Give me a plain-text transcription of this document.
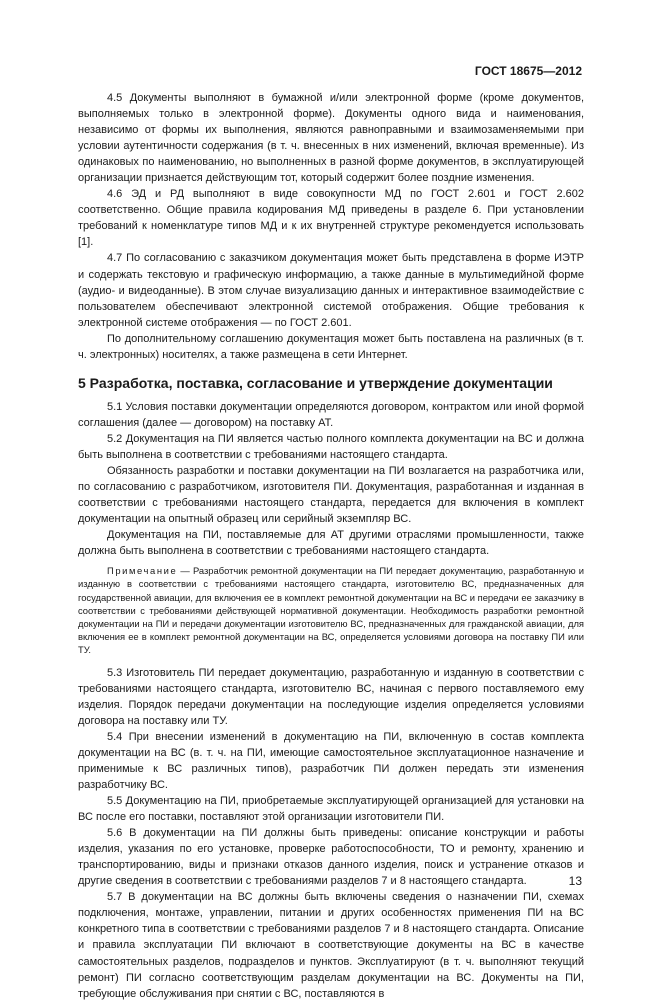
ГОСТ 18675—2012

4.5 Документы выполняют в бумажной и/или электронной форме (кроме документов, выполняемых только в электронной форме). Документы одного вида и наименования, независимо от формы их выполнения, являются равноправными и взаимозаменяемыми при условии аутентичности содержания (в т. ч. внесенных в них изменений, включая временные). Из одинаковых по наименованию, но выполненных в разной форме документов, в эксплуатирующей организации признается действующим тот, который содержит более поздние изменения.

4.6 ЭД и РД выполняют в виде совокупности МД по ГОСТ 2.601 и ГОСТ 2.602 соответственно. Общие правила кодирования МД приведены в разделе 6. При установлении требований к номенклатуре типов МД и к их внутренней структуре рекомендуется использовать [1].

4.7 По согласованию с заказчиком документация может быть представлена в форме ИЭТР и содержать текстовую и графическую информацию, а также данные в мультимедийной форме (аудио- и видеоданные). В этом случае визуализацию данных и интерактивное взаимодействие с пользователем обеспечивают электронной системой отображения. Общие требования к электронной системе отображения — по ГОСТ 2.601.

По дополнительному соглашению документация может быть поставлена на различных (в т. ч. электронных) носителях, а также размещена в сети Интернет.

5 Разработка, поставка, согласование и утверждение документации

5.1 Условия поставки документации определяются договором, контрактом или иной формой соглашения (далее — договором) на поставку АТ.

5.2 Документация на ПИ является частью полного комплекта документации на ВС и должна быть выполнена в соответствии с требованиями настоящего стандарта.

Обязанность разработки и поставки документации на ПИ возлагается на разработчика или, по согласованию с разработчиком, изготовителя ПИ. Документация, разработанная и изданная в соответствии с требованиями настоящего стандарта, передается для включения в комплект документации на опытный образец или серийный экземпляр ВС.

Документация на ПИ, поставляемые для АТ другими отраслями промышленности, также должна быть выполнена в соответствии с требованиями настоящего стандарта.

Примечание — Разработчик ремонтной документации на ПИ передает документацию, разработанную и изданную в соответствии с требованиями настоящего стандарта, изготовителю ВС, предназначенных для государственной авиации, для включения ее в комплект ремонтной документации на ВС и передачи ее заказчику в соответствии с требованиями действующей нормативной документации. Необходимость разработки ремонтной документации на ПИ и передачи документации изготовителю ВС, предназначенных для гражданской авиации, для включения ее в комплект ремонтной документации на ВС, определяется условиями договора на поставку ПИ или ТУ.

5.3 Изготовитель ПИ передает документацию, разработанную и изданную в соответствии с требованиями настоящего стандарта, изготовителю ВС, начиная с первого поставляемого ему изделия. Порядок передачи документации на последующие изделия определяется условиями договора на поставку или ТУ.

5.4 При внесении изменений в документацию на ПИ, включенную в состав комплекта документации на ВС (в. т. ч. на ПИ, имеющие самостоятельное эксплуатационное назначение и применимые к ВС различных типов), разработчик ПИ должен передать эти изменения разработчику ВС.

5.5 Документацию на ПИ, приобретаемые эксплуатирующей организацией для установки на ВС после его поставки, поставляют этой организации изготовители ПИ.

5.6 В документации на ПИ должны быть приведены: описание конструкции и работы изделия, указания по его установке, проверке работоспособности, ТО и ремонту, хранению и транспортированию, виды и признаки отказов данного изделия, поиск и устранение отказов и другие сведения в соответствии с требованиями разделов 7 и 8 настоящего стандарта.

5.7 В документации на ВС должны быть включены сведения о назначении ПИ, схемах подключения, монтаже, управлении, питании и других особенностях применения ПИ на ВС конкретного типа в соответствии с требованиями разделов 7 и 8 настоящего стандарта. Описание и правила эксплуатации ПИ включают в соответствующие документы на ВС в качестве самостоятельных разделов, подразделов и пунктов. Эксплуатируют (в т. ч. выполняют текущий ремонт) ПИ согласно соответствующим разделам документации на ВС. Документы на ПИ, требующие обслуживания при снятии с ВС, поставляются в

13
